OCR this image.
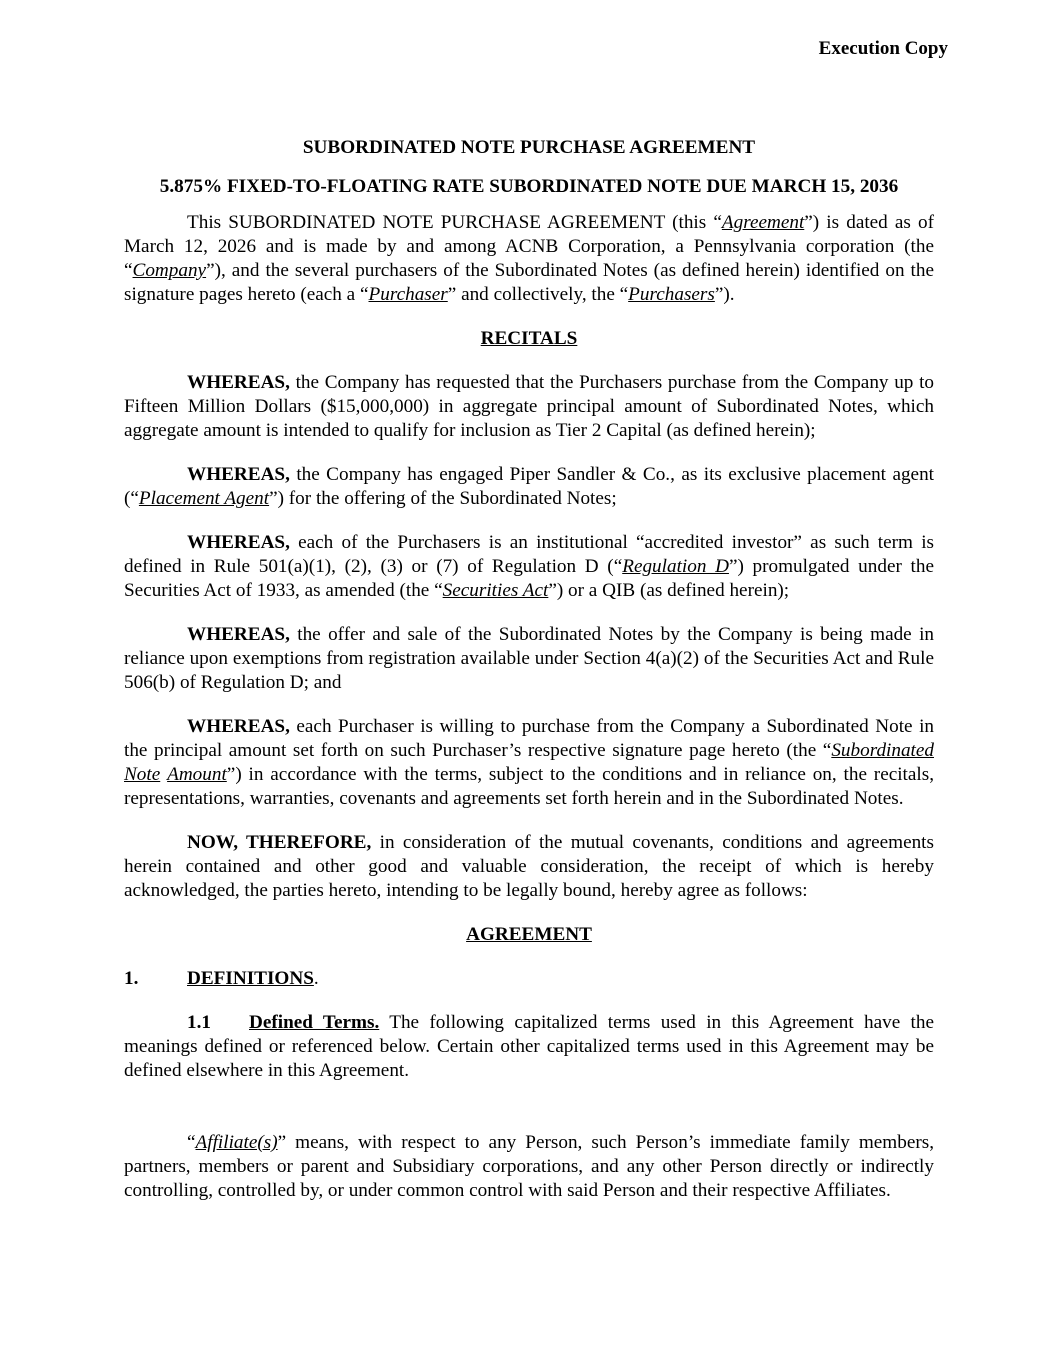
Execution Copy
SUBORDINATED NOTE PURCHASE AGREEMENT
5.875% FIXED-TO-FLOATING RATE SUBORDINATED NOTE DUE MARCH 15, 2036

This SUBORDINATED NOTE PURCHASE AGREEMENT (this “Agreement”) is dated as of March 12, 2026 and is made by and among ACNB Corporation, a Pennsylvania corporation (the “Company”), and the several purchasers of the Subordinated Notes (as defined herein) identified on the signature pages hereto (each a “Purchaser” and collectively, the “Purchasers”).

RECITALS

WHEREAS, the Company has requested that the Purchasers purchase from the Company up to Fifteen Million Dollars ($15,000,000) in aggregate principal amount of Subordinated Notes, which aggregate amount is intended to qualify for inclusion as Tier 2 Capital (as defined herein);

WHEREAS, the Company has engaged Piper Sandler & Co., as its exclusive placement agent (“Placement Agent”) for the offering of the Subordinated Notes;

WHEREAS, each of the Purchasers is an institutional “accredited investor” as such term is defined in Rule 501(a)(1), (2), (3) or (7) of Regulation D (“Regulation D”) promulgated under the Securities Act of 1933, as amended (the “Securities Act”) or a QIB (as defined herein);

WHEREAS, the offer and sale of the Subordinated Notes by the Company is being made in reliance upon exemptions from registration available under Section 4(a)(2) of the Securities Act and Rule 506(b) of Regulation D; and

WHEREAS, each Purchaser is willing to purchase from the Company a Subordinated Note in the principal amount set forth on such Purchaser’s respective signature page hereto (the “Subordinated Note Amount”) in accordance with the terms, subject to the conditions and in reliance on, the recitals, representations, warranties, covenants and agreements set forth herein and in the Subordinated Notes.

NOW, THEREFORE, in consideration of the mutual covenants, conditions and agreements herein contained and other good and valuable consideration, the receipt of which is hereby acknowledged, the parties hereto, intending to be legally bound, hereby agree as follows:

AGREEMENT
1.	DEFINITIONS.

1.1 Defined Terms. The following capitalized terms used in this Agreement have the meanings defined or referenced below. Certain other capitalized terms used in this Agreement may be defined elsewhere in this Agreement.

“Affiliate(s)” means, with respect to any Person, such Person’s immediate family members, partners, members or parent and Subsidiary corporations, and any other Person directly or indirectly controlling, controlled by, or under common control with said Person and their respective Affiliates.
